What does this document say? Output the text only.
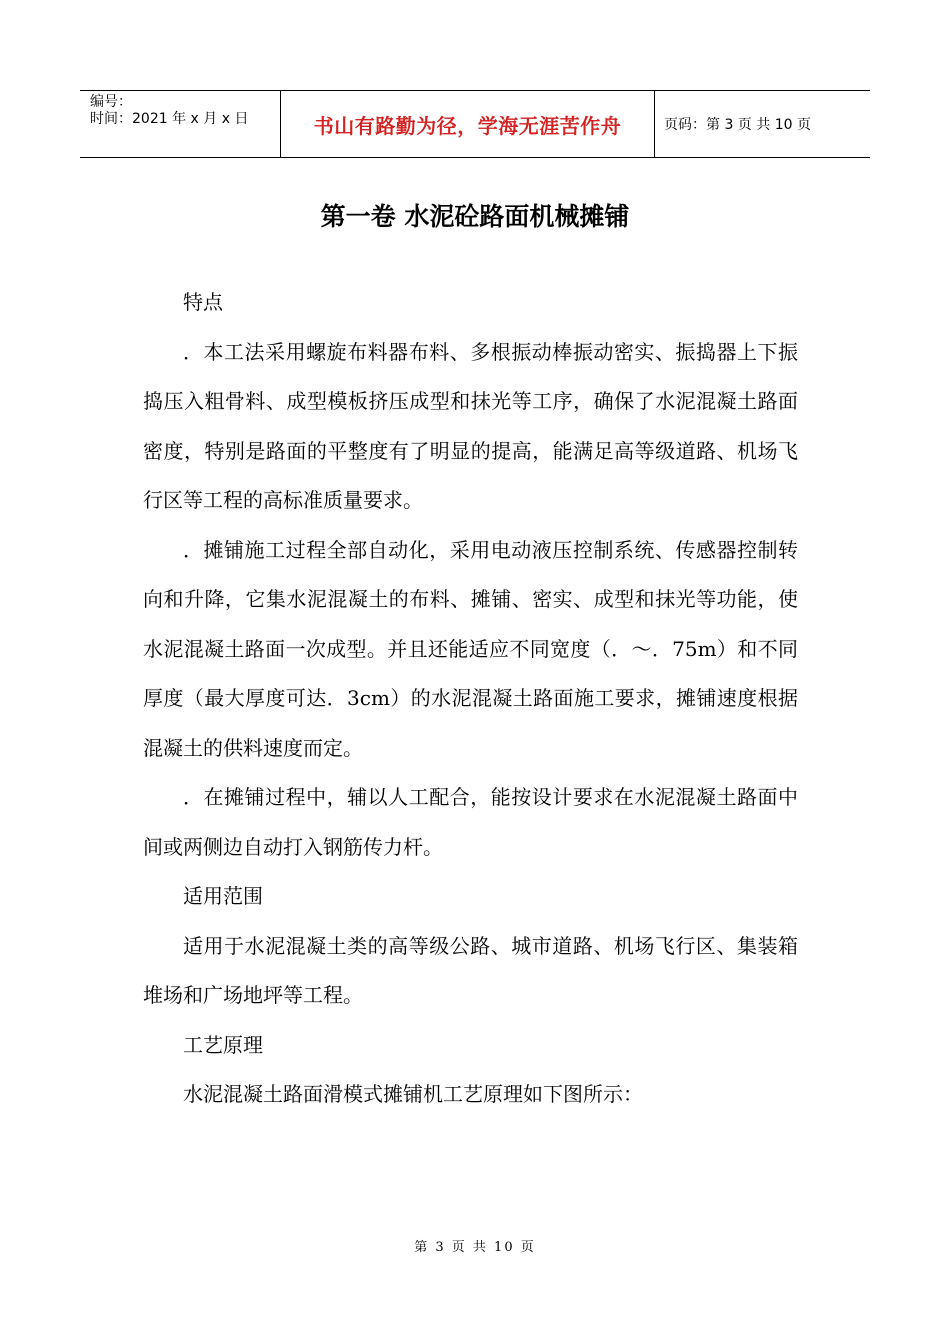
编号：
时间：2021 年 x 月 x 日	书山有路勤为径，学海无涯苦作舟	页码：第 3 页 共 10 页
第一卷 水泥砼路面机械摊铺

特点

．本工法采用螺旋布料器布料、多根振动棒振动密实、振捣器上下振捣压入粗骨料、成型模板挤压成型和抹光等工序，确保了水泥混凝土路面密度，特别是路面的平整度有了明显的提高，能满足高等级道路、机场飞行区等工程的高标准质量要求。

．摊铺施工过程全部自动化，采用电动液压控制系统、传感器控制转向和升降，它集水泥混凝土的布料、摊铺、密实、成型和抹光等功能，使水泥混凝土路面一次成型。并且还能适应不同宽度（．～．75m）和不同厚度（最大厚度可达．3cm）的水泥混凝土路面施工要求，摊铺速度根据混凝土的供料速度而定。

．在摊铺过程中，辅以人工配合，能按设计要求在水泥混凝土路面中间或两侧边自动打入钢筋传力杆。

适用范围

适用于水泥混凝土类的高等级公路、城市道路、机场飞行区、集装箱堆场和广场地坪等工程。

工艺原理

水泥混凝土路面滑模式摊铺机工艺原理如下图所示：

第 3 页 共 10 页
